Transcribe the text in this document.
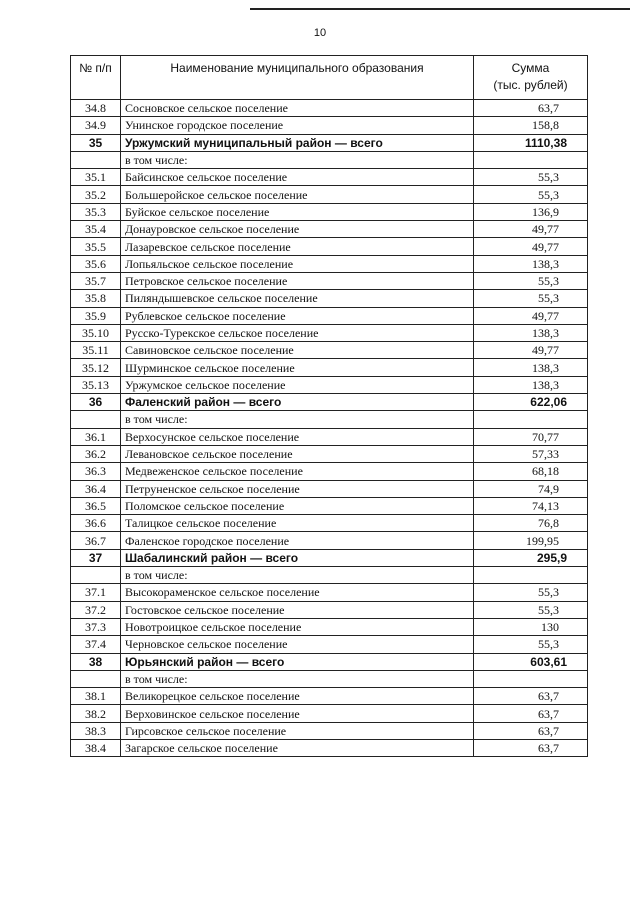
10
№ п/п	Наименование муниципального образования	Сумма
(тыс. рублей)

34.8	Сосновское сельское поселение	63,7
34.9	Унинское городское поселение	158,8
35	Уржумский муниципальный район — всего	1110,38
	в том числе:	
35.1	Байсинское сельское поселение	55,3
35.2	Большеройское сельское поселение	55,3
35.3	Буйское сельское поселение	136,9
35.4	Донауровское сельское поселение	49,77
35.5	Лазаревское сельское поселение	49,77
35.6	Лопьяльское сельское поселение	138,3
35.7	Петровское сельское поселение	55,3
35.8	Пиляндышевское сельское поселение	55,3
35.9	Рублевское сельское поселение	49,77
35.10	Русско-Турекское сельское поселение	138,3
35.11	Савиновское сельское поселение	49,77
35.12	Шурминское сельское поселение	138,3
35.13	Уржумское сельское поселение	138,3
36	Фаленский район — всего	622,06
	в том числе:	
36.1	Верхосунское сельское поселение	70,77
36.2	Левановское сельское поселение	57,33
36.3	Медвеженское сельское поселение	68,18
36.4	Петруненское сельское поселение	74,9
36.5	Поломское сельское поселение	74,13
36.6	Талицкое сельское поселение	76,8
36.7	Фаленское городское поселение	199,95
37	Шабалинский район — всего	295,9
	в том числе:	
37.1	Высокораменское сельское поселение	55,3
37.2	Гостовское сельское поселение	55,3
37.3	Новотроицкое сельское поселение	130
37.4	Черновское сельское поселение	55,3
38	Юрьянский район — всего	603,61
	в том числе:	
38.1	Великорецкое сельское поселение	63,7
38.2	Верховинское сельское поселение	63,7
38.3	Гирсовское сельское поселение	63,7
38.4	Загарское сельское поселение	63,7
